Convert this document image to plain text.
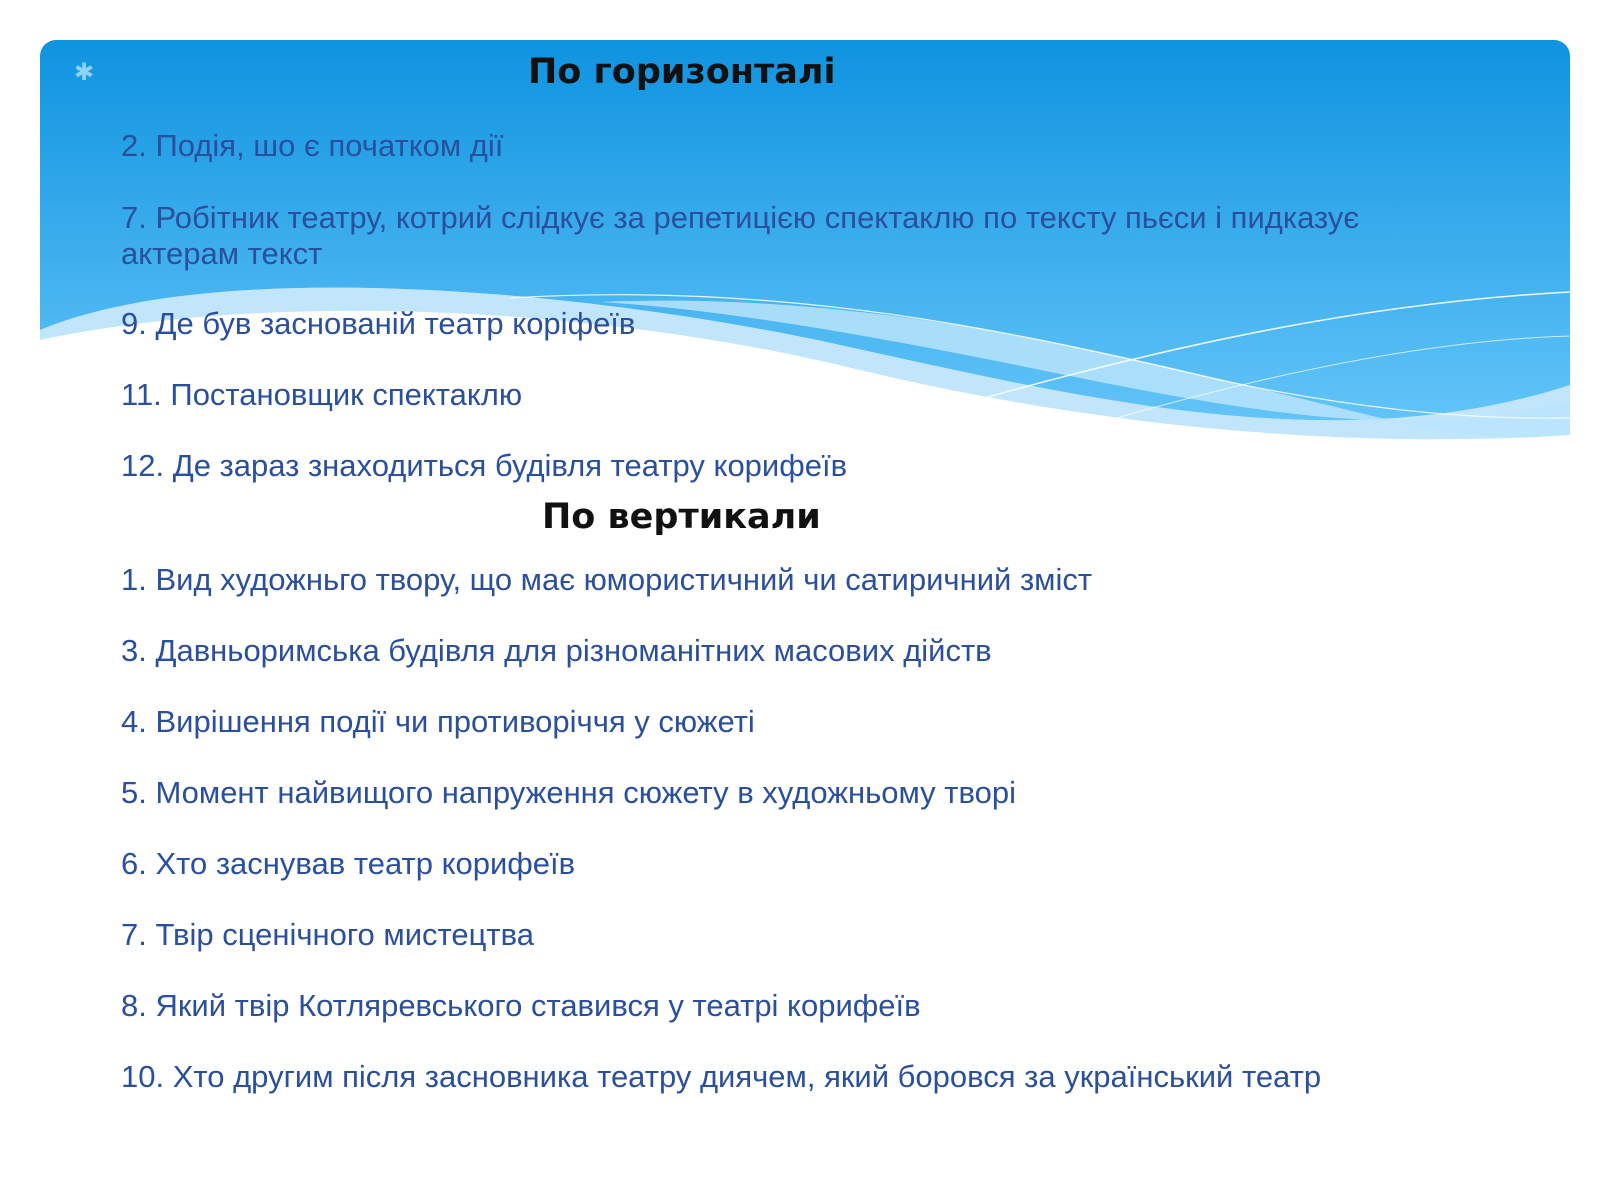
✱	По горизонталі
2. Подія, шо є початком дії
7. Робітник театру, котрий слідкує за репетицією спектаклю по тексту пьєси і пидказує актерам текст
9. Де був заснованій театр коріфеїв
11. Постановщик спектаклю
12. Де зараз знаходиться будівля театру корифеїв
По вертикали
1. Вид художньго твору, що має юмористичний чи сатиричний зміст
3. Давньоримська будівля для різноманітних масових дійств
4. Вирішення події чи противоріччя у сюжеті
5. Момент найвищого напруження сюжету в художньому творі
6. Хто заснував театр корифеїв
7. Твір сценічного мистецтва
8. Який твір Котляревського ставився у театрі корифеїв
10. Хто другим після засновника театру диячем, який боровся за український театр
